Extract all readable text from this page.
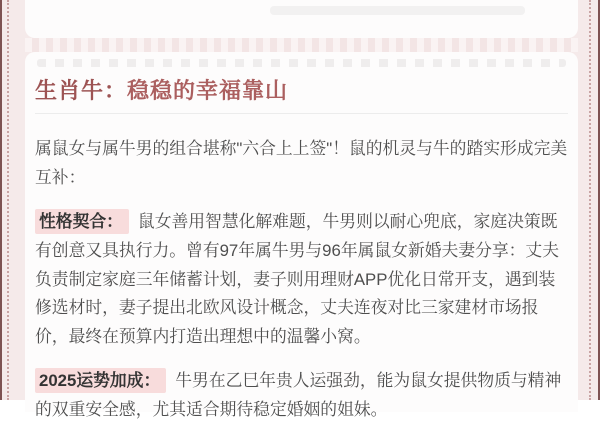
生肖牛：稳稳的幸福靠山

属鼠女与属牛男的组合堪称"六合上上签"！鼠的机灵与牛的踏实形成完美互补：

性格契合： 鼠女善用智慧化解难题，牛男则以耐心兜底，家庭决策既有创意又具执行力。曾有97年属牛男与96年属鼠女新婚夫妻分享：丈夫负责制定家庭三年储蓄计划，妻子则用理财APP优化日常开支，遇到装修选材时，妻子提出北欧风设计概念，丈夫连夜对比三家建材市场报价，最终在预算内打造出理想中的温馨小窝。

2025运势加成： 牛男在乙巳年贵人运强劲，能为鼠女提供物质与精神的双重安全感，尤其适合期待稳定婚姻的姐妹。
